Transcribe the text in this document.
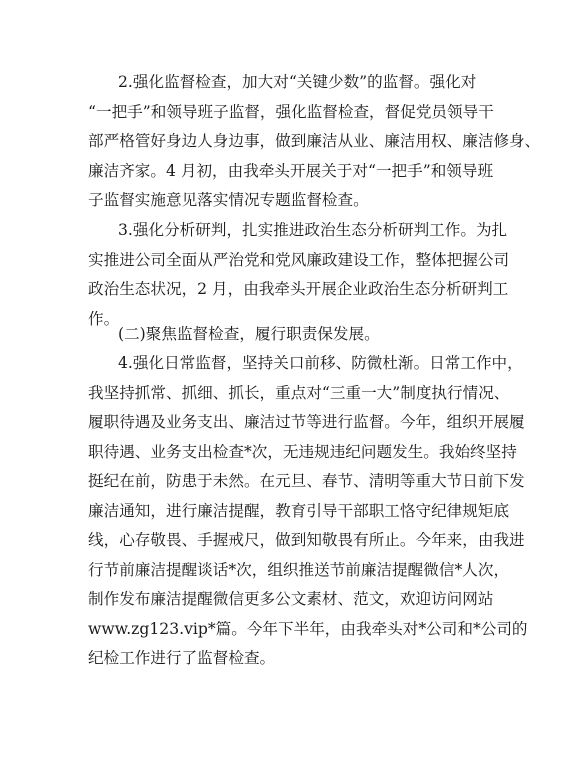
2.强化监督检查，加大对“关键少数”的监督。强化对
“一把手”和领导班子监督，强化监督检查，督促党员领导干
部严格管好身边人身边事，做到廉洁从业、廉洁用权、廉洁修身、
廉洁齐家。4 月初，由我牵头开展关于对“一把手”和领导班
子监督实施意见落实情况专题监督检查。
3.强化分析研判，扎实推进政治生态分析研判工作。为扎
实推进公司全面从严治党和党风廉政建设工作，整体把握公司
政治生态状况，2 月，由我牵头开展企业政治生态分析研判工
作。
(二)聚焦监督检查，履行职责保发展。
4.强化日常监督，坚持关口前移、防微杜渐。日常工作中，
我坚持抓常、抓细、抓长，重点对“三重一大”制度执行情况、
履职待遇及业务支出、廉洁过节等进行监督。今年，组织开展履
职待遇、业务支出检查*次，无违规违纪问题发生。我始终坚持
挺纪在前，防患于未然。在元旦、春节、清明等重大节日前下发
廉洁通知，进行廉洁提醒，教育引导干部职工恪守纪律规矩底
线，心存敬畏、手握戒尺，做到知敬畏有所止。今年来，由我进
行节前廉洁提醒谈话*次，组织推送节前廉洁提醒微信*人次，
制作发布廉洁提醒微信更多公文素材、范文，欢迎访问网站
www.zg123.vip*篇。今年下半年，由我牵头对*公司和*公司的
纪检工作进行了监督检查。
